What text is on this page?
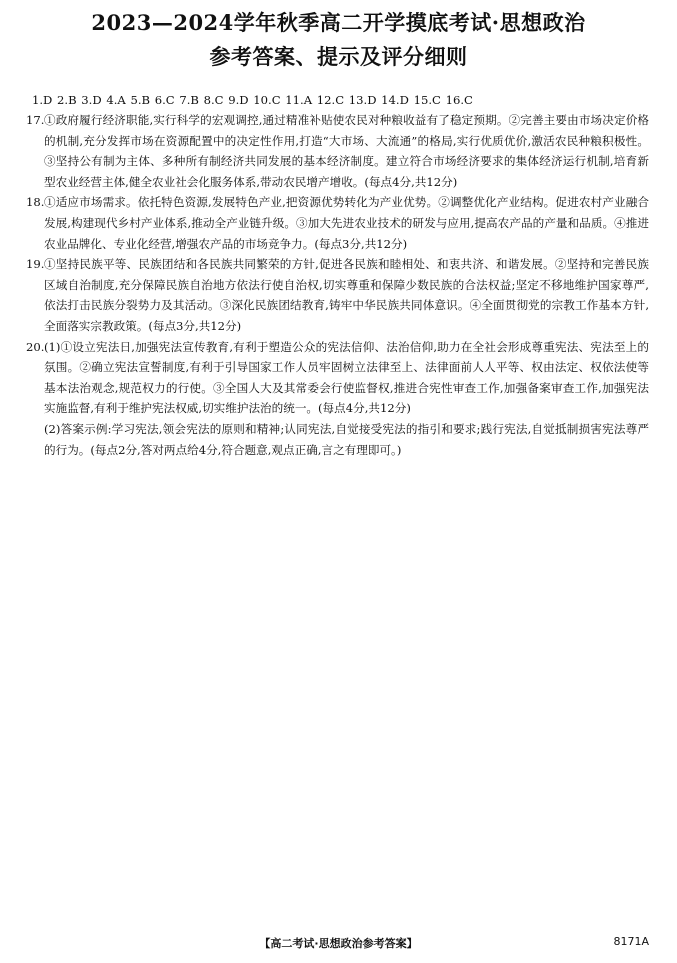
2023—2024学年秋季高二开学摸底考试·思想政治
参考答案、提示及评分细则

1.D 2.B 3.D 4.A 5.B 6.C 7.B 8.C 9.D 10.C 11.A 12.C 13.D 14.D 15.C 16.C

17. ①政府履行经济职能,实行科学的宏观调控,通过精准补贴使农民对种粮收益有了稳定预期。②完善主要由市场决定价格的机制,充分发挥市场在资源配置中的决定性作用,打造“大市场、大流通”的格局,实行优质优价,激活农民种粮积极性。③坚持公有制为主体、多种所有制经济共同发展的基本经济制度。建立符合市场经济要求的集体经济运行机制,培育新型农业经营主体,健全农业社会化服务体系,带动农民增产增收。(每点4分,共12分)
18. ①适应市场需求。依托特色资源,发展特色产业,把资源优势转化为产业优势。②调整优化产业结构。促进农村产业融合发展,构建现代乡村产业体系,推动全产业链升级。③加大先进农业技术的研发与应用,提高农产品的产量和品质。④推进农业品牌化、专业化经营,增强农产品的市场竞争力。(每点3分,共12分)
19. ①坚持民族平等、民族团结和各民族共同繁荣的方针,促进各民族和睦相处、和衷共济、和谐发展。②坚持和完善民族区域自治制度,充分保障民族自治地方依法行使自治权,切实尊重和保障少数民族的合法权益;坚定不移地维护国家尊严,依法打击民族分裂势力及其活动。③深化民族团结教育,铸牢中华民族共同体意识。④全面贯彻党的宗教工作基本方针,全面落实宗教政策。(每点3分,共12分)
20. (1)①设立宪法日,加强宪法宣传教育,有利于塑造公众的宪法信仰、法治信仰,助力在全社会形成尊重宪法、宪法至上的氛围。②确立宪法宣誓制度,有利于引导国家工作人员牢固树立法律至上、法律面前人人平等、权由法定、权依法使等基本法治观念,规范权力的行使。③全国人大及其常委会行使监督权,推进合宪性审查工作,加强备案审查工作,加强宪法实施监督,有利于维护宪法权威,切实维护法治的统一。(每点4分,共12分)

(2)答案示例:学习宪法,领会宪法的原则和精神;认同宪法,自觉接受宪法的指引和要求;践行宪法,自觉抵制损害宪法尊严的行为。(每点2分,答对两点给4分,符合题意,观点正确,言之有理即可。)

【高二考试·思想政治参考答案】	8171A
